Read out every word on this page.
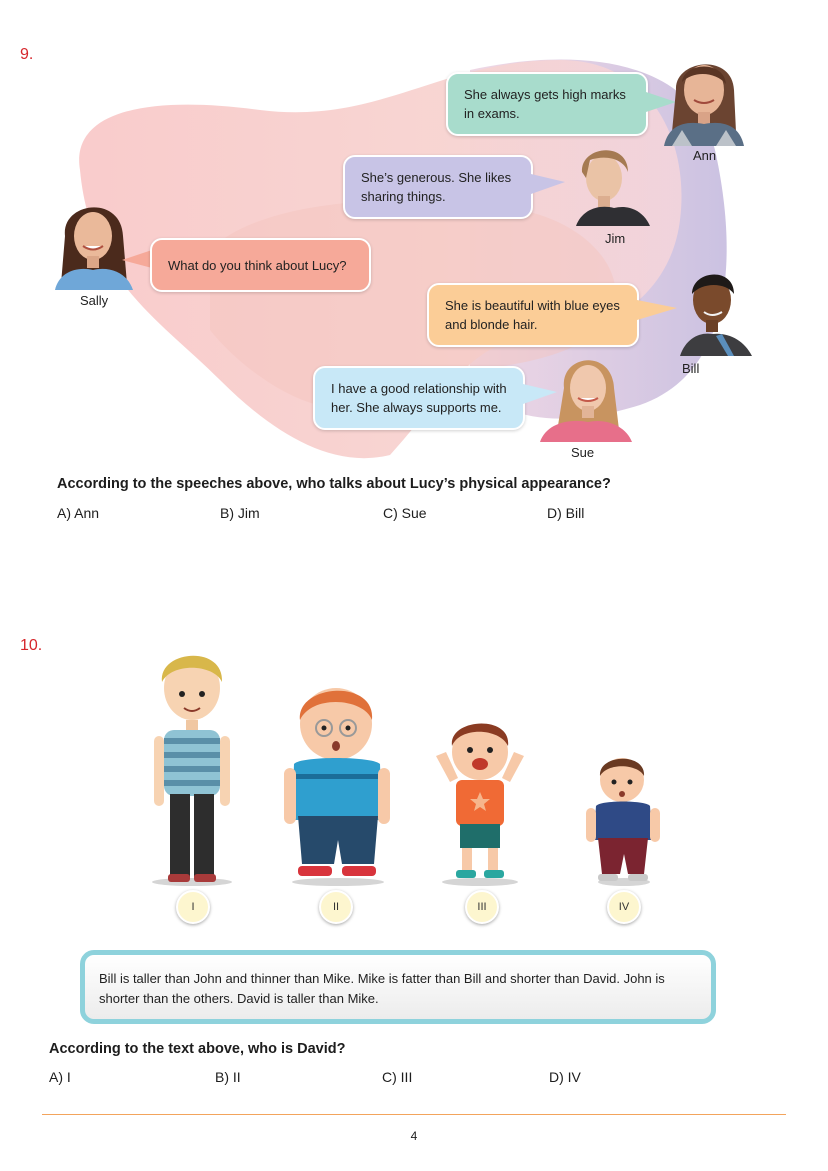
9.
She always gets high marks
in exams.
Ann
She’s generous. She likes
sharing things.
Jim
Sally
What do you think about Lucy?
She is beautiful with blue eyes
and blonde hair.
Bill
I have a good relationship with
her. She always supports me.
Sue
According to the speeches above, who talks about Lucy’s physical appearance?
A) Ann	B) Jim	C) Sue	D) Bill
10.
I	II	III	IV
Bill is taller than John and thinner than Mike. Mike is fatter than Bill and shorter than David. John is shorter than the others. David is taller than Mike.
According to the text above, who is David?
A) I	B) II	C) III	D) IV
4
